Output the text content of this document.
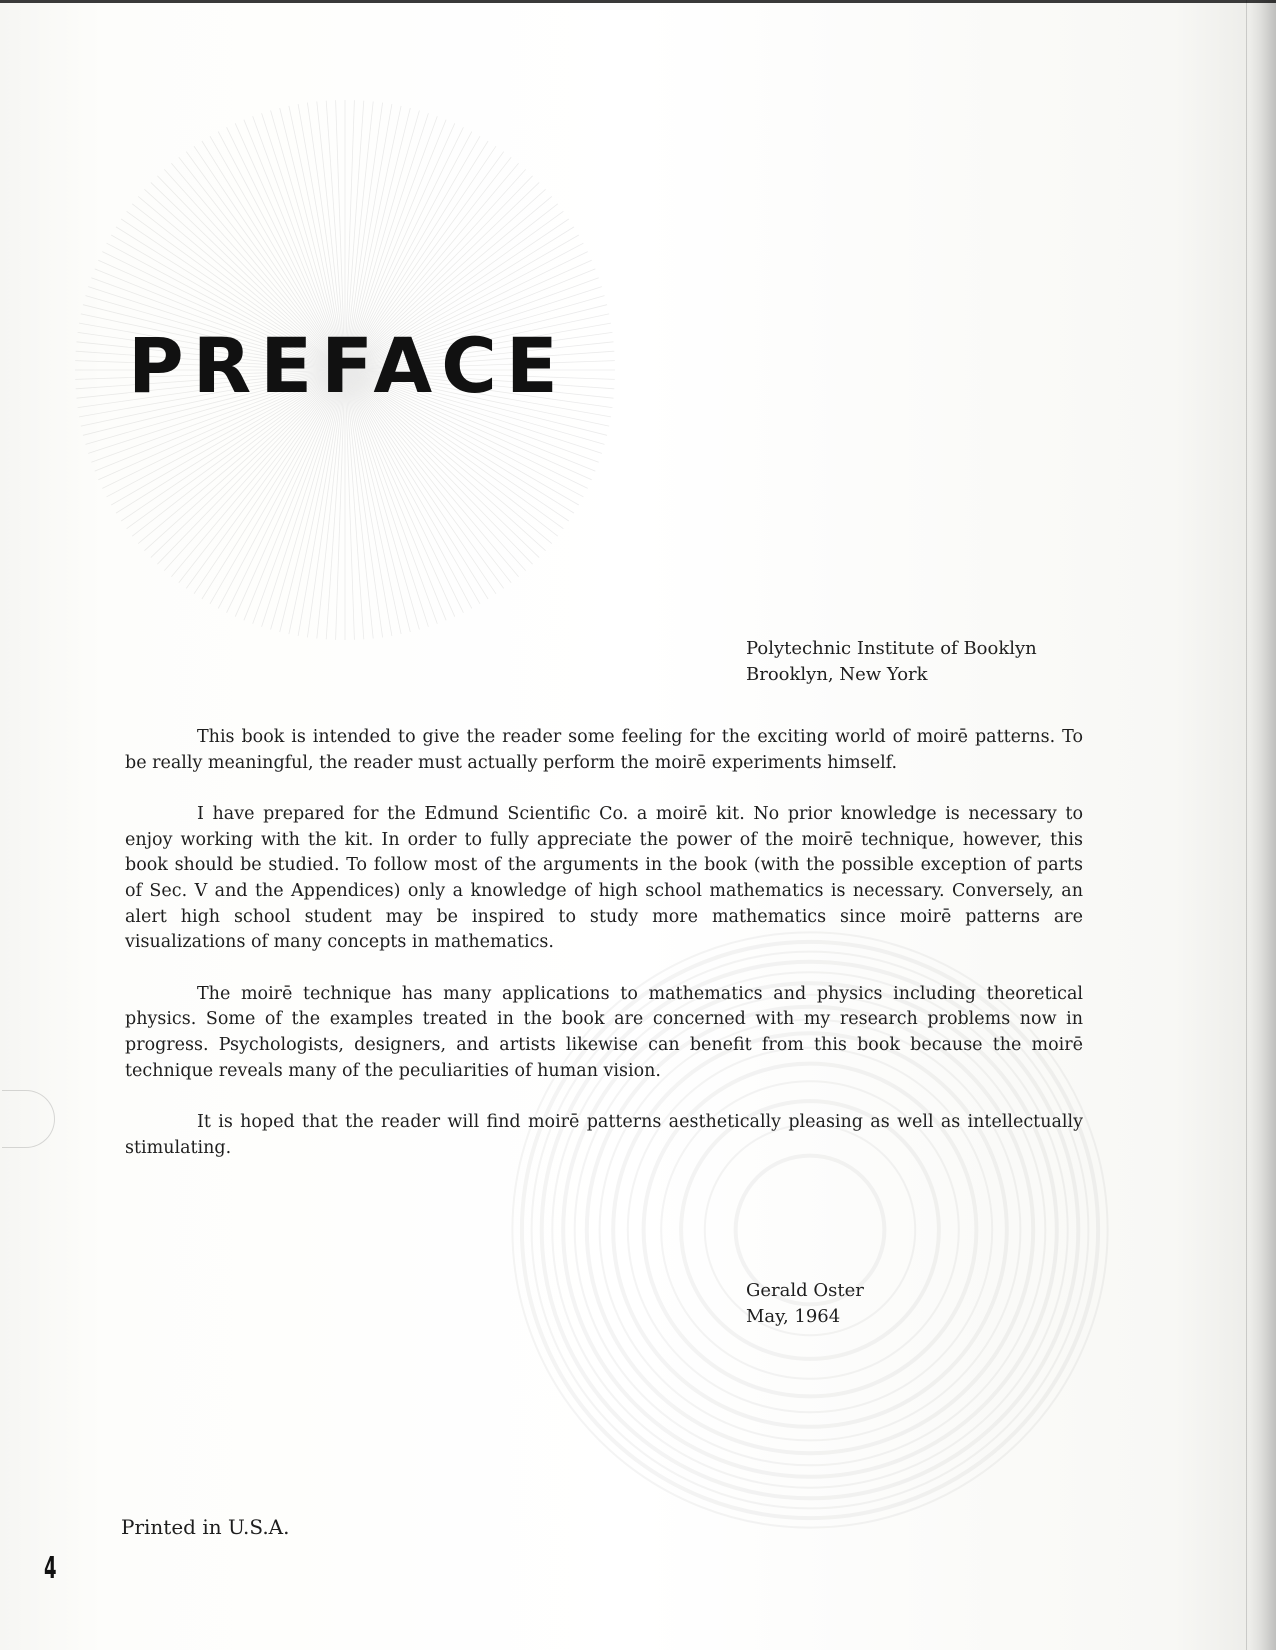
PREFACE
Polytechnic Institute of Booklyn
Brooklyn, New York

This book is intended to give the reader some feeling for the exciting world of moirē patterns. To be really meaningful, the reader must actually perform the moirē experiments himself.

I have prepared for the Edmund Scientific Co. a moirē kit. No prior knowledge is necessary to enjoy working with the kit. In order to fully appreciate the power of the moirē technique, however, this book should be studied. To follow most of the arguments in the book (with the possible exception of parts of Sec. V and the Appendices) only a knowledge of high school mathematics is necessary. Conversely, an alert high school student may be inspired to study more mathematics since moirē patterns are visualizations of many concepts in mathematics.

The moirē technique has many applications to mathematics and physics including theoretical physics. Some of the examples treated in the book are concerned with my research problems now in progress. Psychologists, designers, and artists likewise can benefit from this book because the moirē technique reveals many of the peculiarities of human vision.

It is hoped that the reader will find moirē patterns aesthetically pleasing as well as intellectually stimulating.

Gerald Oster
May, 1964
Printed in U.S.A.
4
